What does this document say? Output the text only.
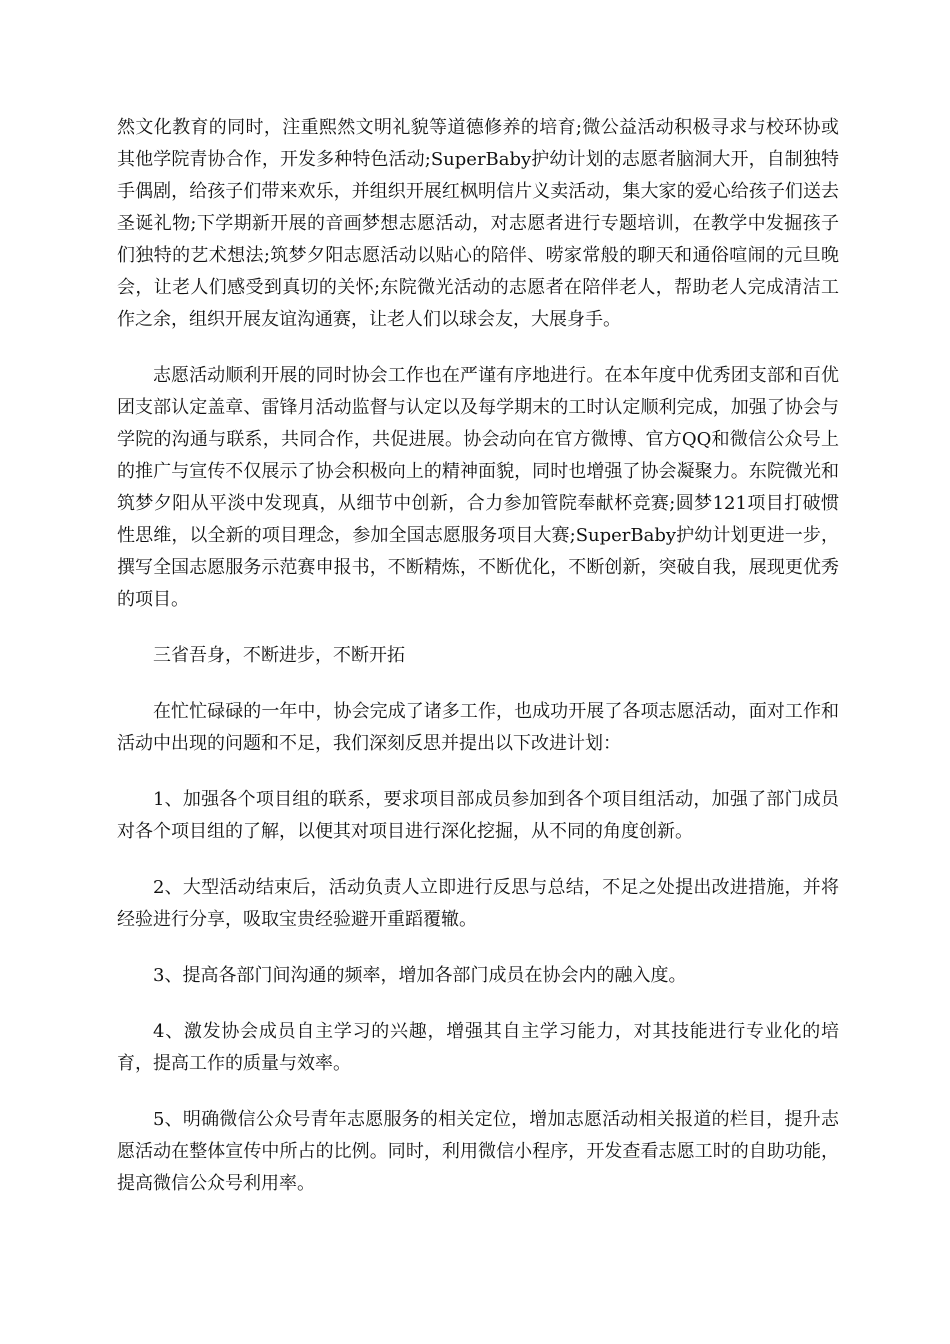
然文化教育的同时，注重熙然文明礼貌等道德修养的培育;微公益活动积极寻求与校环协或其他学院青协合作，开发多种特色活动;SuperBaby护幼计划的志愿者脑洞大开，自制独特手偶剧，给孩子们带来欢乐，并组织开展红枫明信片义卖活动，集大家的爱心给孩子们送去圣诞礼物;下学期新开展的音画梦想志愿活动，对志愿者进行专题培训，在教学中发掘孩子们独特的艺术想法;筑梦夕阳志愿活动以贴心的陪伴、唠家常般的聊天和通俗喧闹的元旦晚会，让老人们感受到真切的关怀;东院微光活动的志愿者在陪伴老人，帮助老人完成清洁工作之余，组织开展友谊沟通赛，让老人们以球会友，大展身手。

志愿活动顺利开展的同时协会工作也在严谨有序地进行。在本年度中优秀团支部和百优团支部认定盖章、雷锋月活动监督与认定以及每学期末的工时认定顺利完成，加强了协会与学院的沟通与联系，共同合作，共促进展。协会动向在官方微博、官方QQ和微信公众号上的推广与宣传不仅展示了协会积极向上的精神面貌，同时也增强了协会凝聚力。东院微光和筑梦夕阳从平淡中发现真，从细节中创新，合力参加管院奉献杯竞赛;圆梦121项目打破惯性思维，以全新的项目理念，参加全国志愿服务项目大赛;SuperBaby护幼计划更进一步，撰写全国志愿服务示范赛申报书，不断精炼，不断优化，不断创新，突破自我，展现更优秀的项目。

三省吾身，不断进步，不断开拓

在忙忙碌碌的一年中，协会完成了诸多工作，也成功开展了各项志愿活动，面对工作和活动中出现的问题和不足，我们深刻反思并提出以下改进计划：

1、加强各个项目组的联系，要求项目部成员参加到各个项目组活动，加强了部门成员对各个项目组的了解，以便其对项目进行深化挖掘，从不同的角度创新。

2、大型活动结束后，活动负责人立即进行反思与总结，不足之处提出改进措施，并将经验进行分享，吸取宝贵经验避开重蹈覆辙。

3、提高各部门间沟通的频率，增加各部门成员在协会内的融入度。

4、激发协会成员自主学习的兴趣，增强其自主学习能力，对其技能进行专业化的培育，提高工作的质量与效率。

5、明确微信公众号青年志愿服务的相关定位，增加志愿活动相关报道的栏目，提升志愿活动在整体宣传中所占的比例。同时，利用微信小程序，开发查看志愿工时的自助功能，提高微信公众号利用率。
